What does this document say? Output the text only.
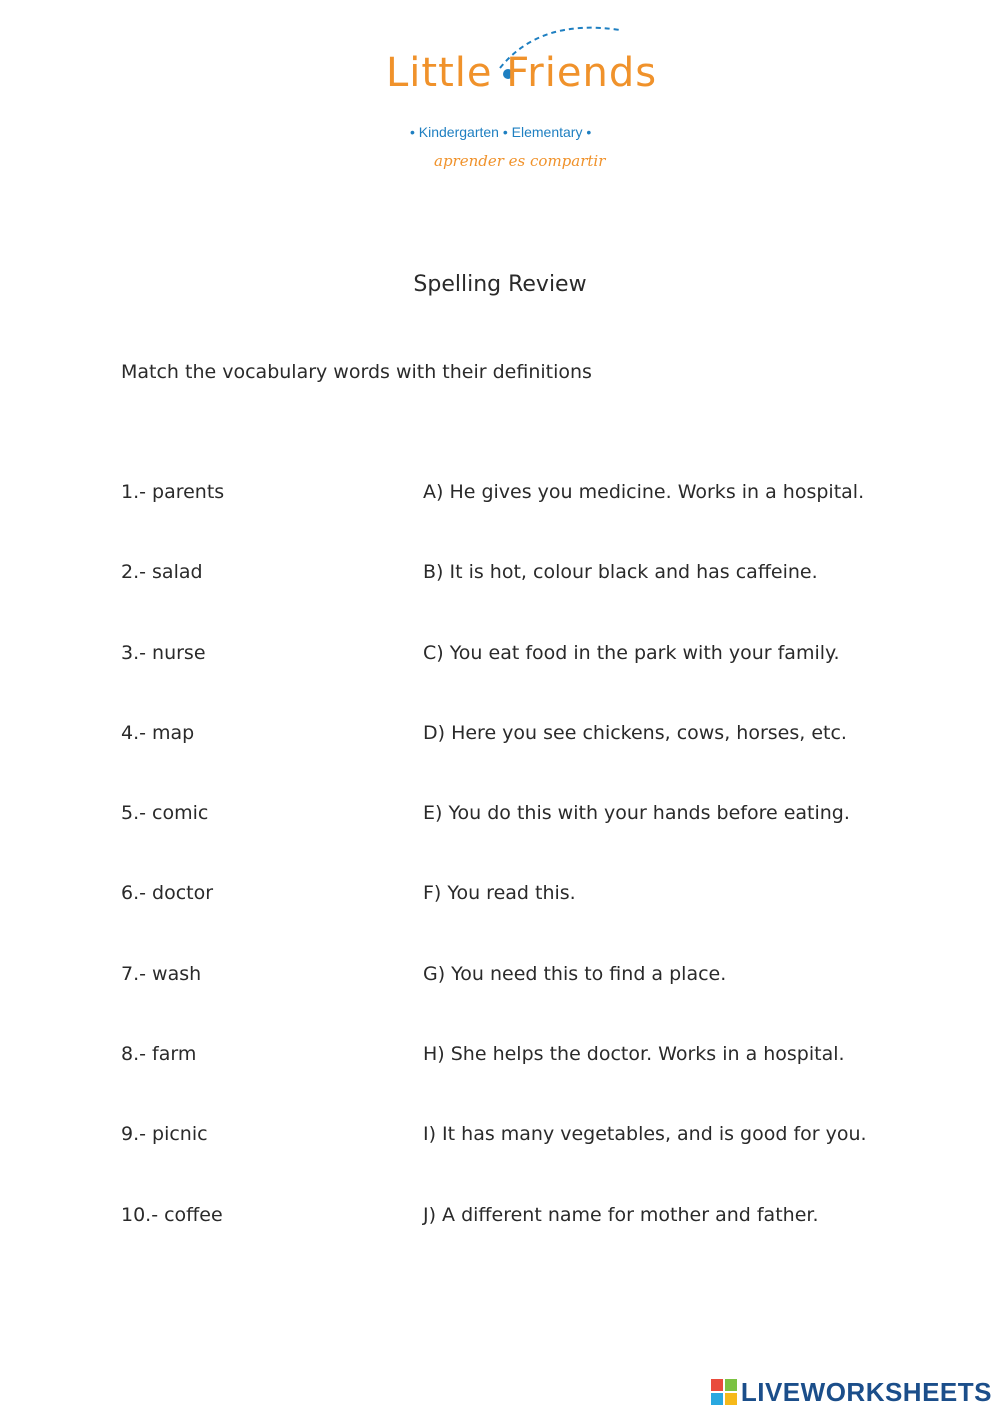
Little Friends
• Kindergarten • Elementary •
aprender es compartir
Spelling Review
Match the vocabulary words with their definitions
1.- parents	A) He gives you medicine. Works in a hospital.
2.- salad	B) It is hot, colour black and has caffeine.
3.- nurse	C) You eat food in the park with your family.
4.- map	D) Here you see chickens, cows, horses, etc.
5.- comic	E) You do this with your hands before eating.
6.- doctor	F) You read this.
7.- wash	G) You need this to find a place.
8.- farm	H) She helps the doctor. Works in a hospital.
9.- picnic	I) It has many vegetables, and is good for you.
10.- coffee	J) A different name for mother and father.
LIVEWORKSHEETS
